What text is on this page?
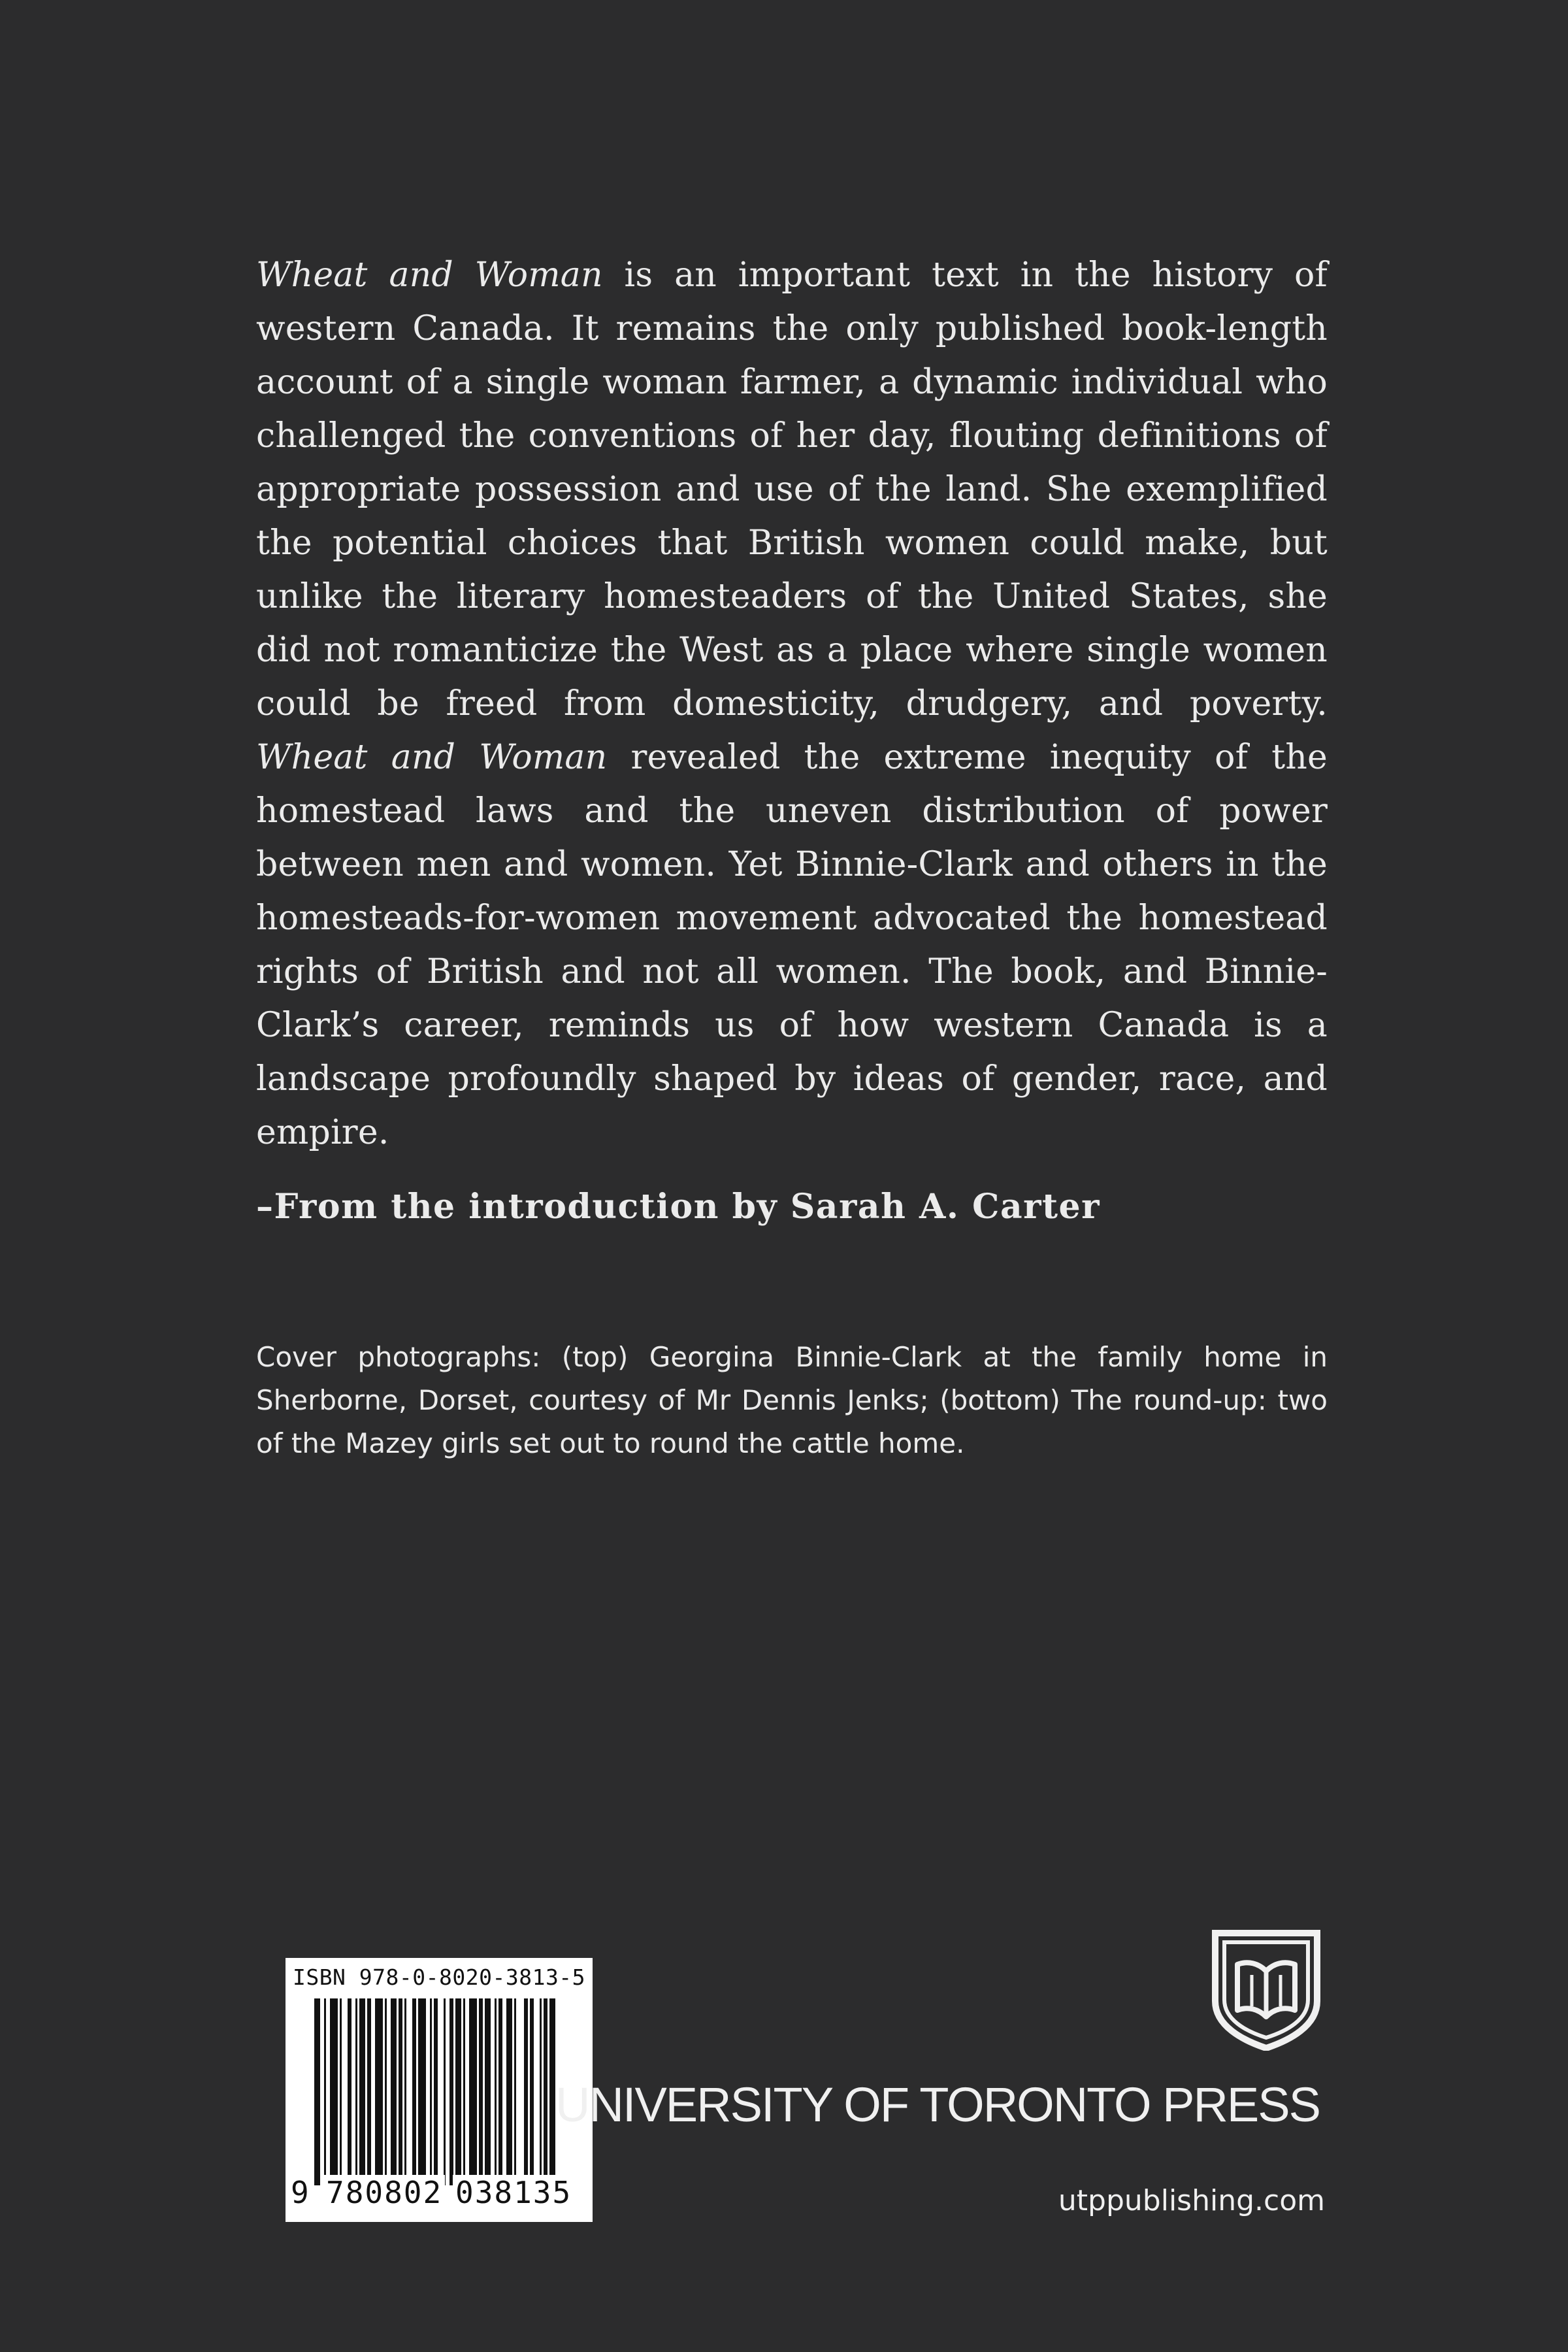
Wheat and Woman is an important text in the history of western Canada. It remains the only published book-length account of a single woman farmer, a dynamic individual who challenged the conventions of her day, flouting definitions of appropriate possession and use of the land. She exemplified the potential choices that British women could make, but unlike the literary homesteaders of the United States, she did not romanticize the West as a place where single women could be freed from domesticity, drudgery, and poverty. Wheat and Woman revealed the extreme inequity of the homestead laws and the uneven distribution of power between men and women. Yet Binnie-Clark and others in the homesteads-for-women movement advocated the homestead rights of British and not all women. The book, and Binnie-Clark’s career, reminds us of how western Canada is a landscape profoundly shaped by ideas of gender, race, and empire.

–From the introduction by Sarah A. Carter

Cover photographs: (top) Georgina Binnie-Clark at the family home in Sherborne, Dorset, courtesy of Mr Dennis Jenks; (bottom) The round-up: two of the Mazey girls set out to round the cattle home.

ISBN 978-0-8020-3813-5
9 780802 038135

UNIVERSITY OF TORONTO PRESS

utppublishing.com
